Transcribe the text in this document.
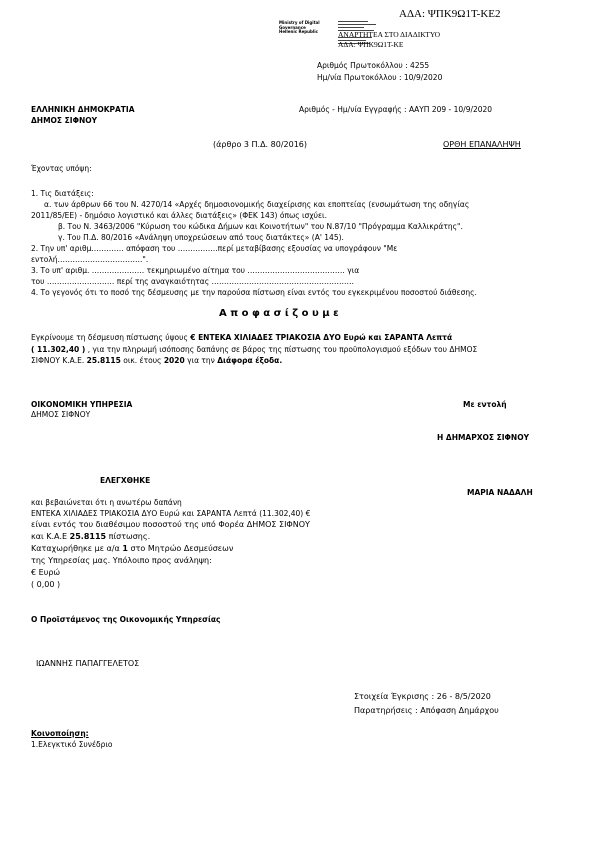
ΑΔΑ: ΨΠΚ9Ω1Τ-ΚΕ2
Ministry of Digital
Governance
Hellenic Republic	ΑΝΑΡΤΗΤΕΑ ΣΤΟ ΔΙΑΔΙΚΤΥΟ
ΑΔΑ: ΨΠΚ9Ω1Τ-ΚΕ
Αριθμός Πρωτοκόλλου : 4255
Ημ/νία Πρωτοκόλλου : 10/9/2020
ΕΛΛΗΝΙΚΗ ΔΗΜΟΚΡΑΤΙΑ
ΔΗΜΟΣ ΣΙΦΝΟΥ
Αριθμός - Ημ/νία Εγγραφής : ΑΑΥΠ 209 - 10/9/2020
(άρθρο 3 Π.Δ. 80/2016)	ΟΡΘΗ ΕΠΑΝΑΛΗΨΗ
Έχοντας υπόψη:
1. Τις διατάξεις:
α. των άρθρων 66 του Ν. 4270/14 «Αρχές δημοσιονομικής διαχείρισης και εποπτείας (ενσωμάτωση της οδηγίας
2011/85/ΕΕ) - δημόσιο λογιστικό και άλλες διατάξεις» (ΦΕΚ 143) όπως ισχύει.
β. Του Ν. 3463/2006 "Κύρωση του κώδικα Δήμων και Κοινοτήτων" του Ν.87/10 "Πρόγραμμα Καλλικράτης".
γ. Του Π.Δ. 80/2016 «Ανάληψη υποχρεώσεων από τους διατάκτες» (Α' 145).
2. Την υπ' αριθμ.………… απόφαση του …………….περί μεταβίβασης εξουσίας να υπογράφουν "Με
εντολή…………………………….".
3. Το υπ' αριθμ. ………………… τεκμηριωμένο αίτημα του ………………………………… για
του ……………………… περί της αναγκαιότητας …………………………………………………
4. Το γεγονός ότι το ποσό της δέσμευσης με την παρούσα πίστωση είναι εντός του εγκεκριμένου ποσοστού διάθεσης.
Α π ο φ α σ ί ζ ο υ μ ε
Εγκρίνουμε τη δέσμευση πίστωσης ύψους € ΕΝΤΕΚΑ ΧΙΛΙΑΔΕΣ ΤΡΙΑΚΟΣΙΑ ΔΥΟ Ευρώ και ΣΑΡΑΝΤΑ Λεπτά
( 11.302,40 ) , για την πληρωμή ισόποσης δαπάνης σε βάρος της πίστωσης του προϋπολογισμού εξόδων του ΔΗΜΟΣ
ΣΙΦΝΟΥ Κ.Α.Ε. 25.8115 οικ. έτους 2020 για την Διάφορα έξοδα.
ΟΙΚΟΝΟΜΙΚΗ ΥΠΗΡΕΣΙΑ
ΔΗΜΟΣ ΣΙΦΝΟΥ
Με εντολή
Η ΔΗΜΑΡΧΟΣ ΣΙΦΝΟΥ
ΕΛΕΓΧΘΗΚΕ
ΜΑΡΙΑ ΝΑΔΑΛΗ
και βεβαιώνεται ότι η ανωτέρω δαπάνη
ΕΝΤΕΚΑ ΧΙΛΙΑΔΕΣ ΤΡΙΑΚΟΣΙΑ ΔΥΟ Ευρώ και ΣΑΡΑΝΤΑ Λεπτά (11.302,40) €
είναι εντός του διαθέσιμου ποσοστού της υπό Φορέα ΔΗΜΟΣ ΣΙΦΝΟΥ
και Κ.Α.Ε 25.8115 πίστωσης.
Καταχωρήθηκε με α/α 1 στο Μητρώο Δεσμεύσεων
της Υπηρεσίας μας. Υπόλοιπο προς ανάληψη:
€ Ευρώ
( 0,00 )
Ο Προϊστάμενος της Οικονομικής Υπηρεσίας
ΙΩΑΝΝΗΣ ΠΑΠΑΓΓΕΛΕΤΟΣ
Στοιχεία Έγκρισης : 26 - 8/5/2020
Παρατηρήσεις : Απόφαση Δημάρχου
Κοινοποίηση:
1.Ελεγκτικό Συνέδριο
